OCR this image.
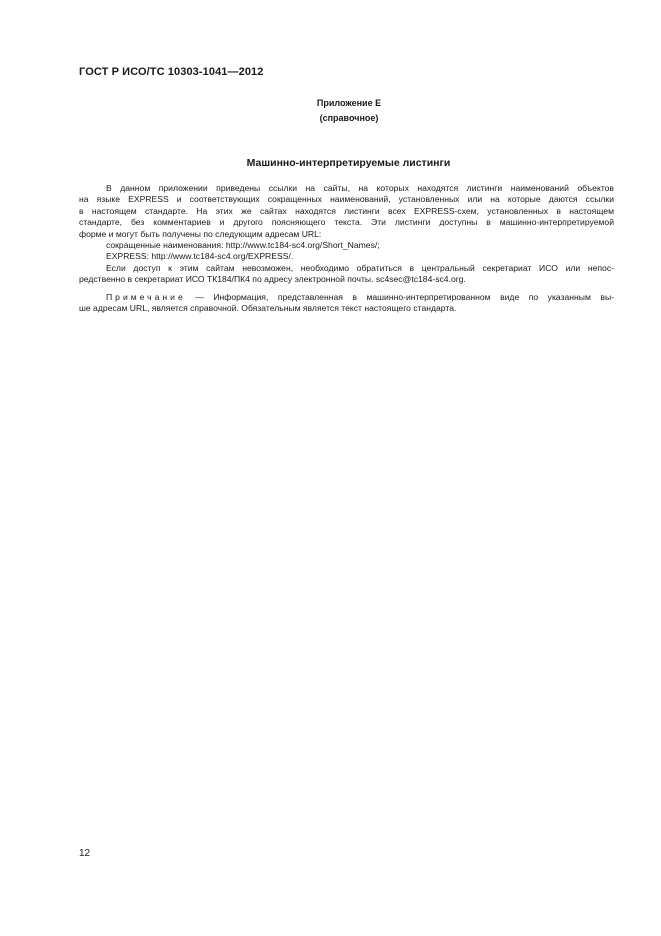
ГОСТ Р ИСО/ТС 10303-1041—2012
Приложение Е
(справочное)
Машинно-интерпретируемые листинги

В данном приложении приведены ссылки на сайты, на которых находятся листинги наименований объектов
на языке EXPRESS и соответствующих сокращенных наименований, установленных или на которые даются ссылки
в настоящем стандарте. На этих же сайтах находятся листинги всех EXPRESS-схем, установленных в настоящем
стандарте, без комментариев и другого поясняющего текста. Эти листинги доступны в машинно-интерпретируемой
форме и могут быть получены по следующим адресам URL:

сокращенные наименования: http://www.tc184-sc4.org/Short_Names/;

EXPRESS: http://www.tc184-sc4.org/EXPRESS/.

Если доступ к этим сайтам невозможен, необходимо обратиться в центральный секретариат ИСО или непос-
редственно в секретариат ИСО ТК184/ПК4 по адресу электронной почты. sc4sec@tc184-sc4.org.

Примечание — Информация, представленная в машинно-интерпретированном виде по указанным вы-
ше адресам URL, является справочной. Обязательным является текст настоящего стандарта.

12
